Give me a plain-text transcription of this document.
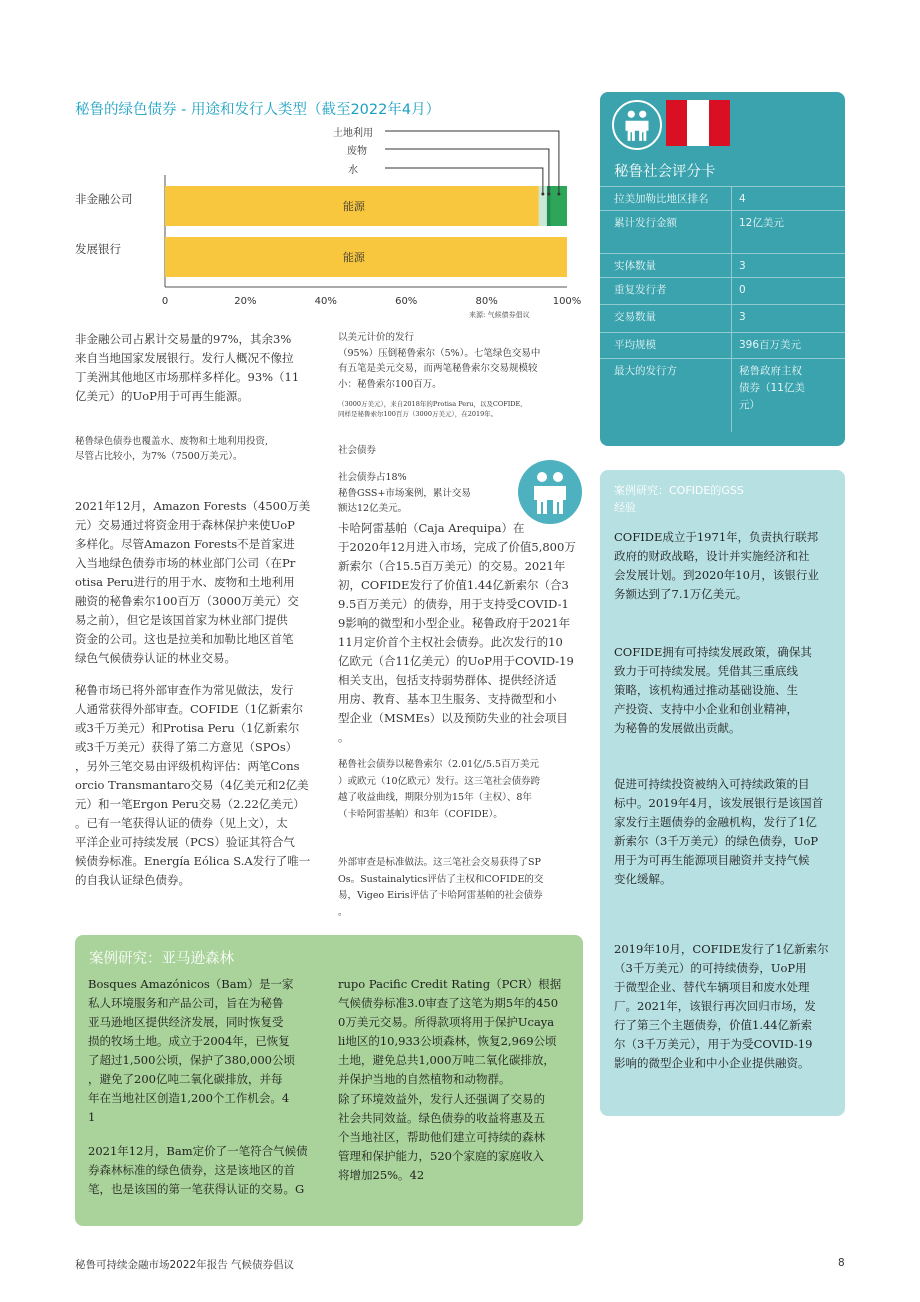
秘鲁的绿色债券 - 用途和发行人类型（截至2022年4月）
土地利用
废物
水
非金融公司
发展银行
能源
能源
0	20%	40%	60%	80%	100%
来源: 气候债券倡议
非金融公司占累计交易量的97%，其余3%
来自当地国家发展银行。发行人概况不像拉
丁美洲其他地区市场那样多样化。93%（11
亿美元）的UoP用于可再生能源。
秘鲁绿色债券也覆盖水、废物和土地利用投资,
尽管占比较小，为7%（7500万美元）。
2021年12月，Amazon Forests（4500万美
元）交易通过将资金用于森林保护来使UoP
多样化。尽管Amazon Forests不是首家进
入当地绿色债券市场的林业部门公司（在Pr
otisa Peru进行的用于水、废物和土地利用
融资的秘鲁索尔100百万（3000万美元）交
易之前），但它是该国首家为林业部门提供
资金的公司。这也是拉美和加勒比地区首笔
绿色气候债券认证的林业交易。
秘鲁市场已将外部审查作为常见做法，发行
人通常获得外部审查。COFIDE（1亿新索尔
或3千万美元）和Protisa Peru（1亿新索尔
或3千万美元）获得了第二方意见（SPOs）
，另外三笔交易由评级机构评估：两笔Cons
orcio Transmantaro交易（4亿美元和2亿美
元）和一笔Ergon Peru交易（2.22亿美元）
。已有一笔获得认证的债券（见上文），太
平洋企业可持续发展（PCS）验证其符合气
候债券标准。Energía Eólica S.A发行了唯一
的自我认证绿色债券。
以美元计价的发行
（95%）压倒秘鲁索尔（5%）。七笔绿色交易中
有五笔是美元交易，而两笔秘鲁索尔交易规模较
小：秘鲁索尔100百万。
（3000万美元），来自2018年的Protisa Peru，以及COFIDE,
同样是秘鲁索尔100百万（3000万美元），在2019年。
社会债券
社会债券占18%
秘鲁GSS+市场案例，累计交易
额达12亿美元。
卡哈阿雷基帕（Caja Arequipa）在
于2020年12月进入市场，完成了价值5,800万
新索尔（合15.5百万美元）的交易。2021年
初，COFIDE发行了价值1.44亿新索尔（合3
9.5百万美元）的债券，用于支持受COVID-1
9影响的微型和小型企业。秘鲁政府于2021年
11月定价首个主权社会债券。此次发行的10
亿欧元（合11亿美元）的UoP用于COVID-19
相关支出，包括支持弱势群体、提供经济适
用房、教育、基本卫生服务、支持微型和小
型企业（MSMEs）以及预防失业的社会项目
。
秘鲁社会债券以秘鲁索尔（2.01亿/5.5百万美元
）或欧元（10亿欧元）发行。这三笔社会债券跨
越了收益曲线，期限分别为15年（主权）、8年
（卡哈阿雷基帕）和3年（COFIDE）。
外部审查是标准做法。这三笔社会交易获得了SP
Os。Sustainalytics评估了主权和COFIDE的交
易，Vigeo Eiris评估了卡哈阿雷基帕的社会债券
。
秘鲁社会评分卡
拉美加勒比地区排名	4
累计发行金额	12亿美元
实体数量	3
重复发行者	0
交易数量	3
平均规模	396百万美元
最大的发行方	秘鲁政府主权
债券（11亿美
元）
案例研究：COFIDE的GSS
经验
COFIDE成立于1971年，负责执行联邦
政府的财政战略，设计并实施经济和社
会发展计划。到2020年10月，该银行业
务额达到了7.1万亿美元。
COFIDE拥有可持续发展政策，确保其
致力于可持续发展。凭借其三重底线
策略，该机构通过推动基础设施、生
产投资、支持中小企业和创业精神，
为秘鲁的发展做出贡献。
促进可持续投资被纳入可持续政策的目
标中。2019年4月，该发展银行是该国首
家发行主题债券的金融机构，发行了1亿
新索尔（3千万美元）的绿色债券，UoP
用于为可再生能源项目融资并支持气候
变化缓解。
2019年10月，COFIDE发行了1亿新索尔
（3千万美元）的可持续债券，UoP用
于微型企业、替代车辆项目和废水处理
厂。2021年，该银行再次回归市场，发
行了第三个主题债券，价值1.44亿新索
尔（3千万美元），用于为受COVID-19
影响的微型企业和中小企业提供融资。
案例研究：亚马逊森林
Bosques Amazónicos（Bam）是一家
私人环境服务和产品公司，旨在为秘鲁
亚马逊地区提供经济发展，同时恢复受
损的牧场土地。成立于2004年，已恢复
了超过1,500公顷，保护了380,000公顷
，避免了200亿吨二氧化碳排放，并每
年在当地社区创造1,200个工作机会。4
1
2021年12月，Bam定价了一笔符合气候债
券森林标准的绿色债券，这是该地区的首
笔，也是该国的第一笔获得认证的交易。G
rupo Pacific Credit Rating（PCR）根据
气候债券标准3.0审查了这笔为期5年的450
0万美元交易。所得款项将用于保护Ucaya
li地区的10,933公顷森林，恢复2,969公顷
土地，避免总共1,000万吨二氧化碳排放，
并保护当地的自然植物和动物群。
除了环境效益外，发行人还强调了交易的
社会共同效益。绿色债券的收益将惠及五
个当地社区，帮助他们建立可持续的森林
管理和保护能力，520个家庭的家庭收入
将增加25%。42
秘鲁可持续金融市场2022年报告 气候债券倡议	8
